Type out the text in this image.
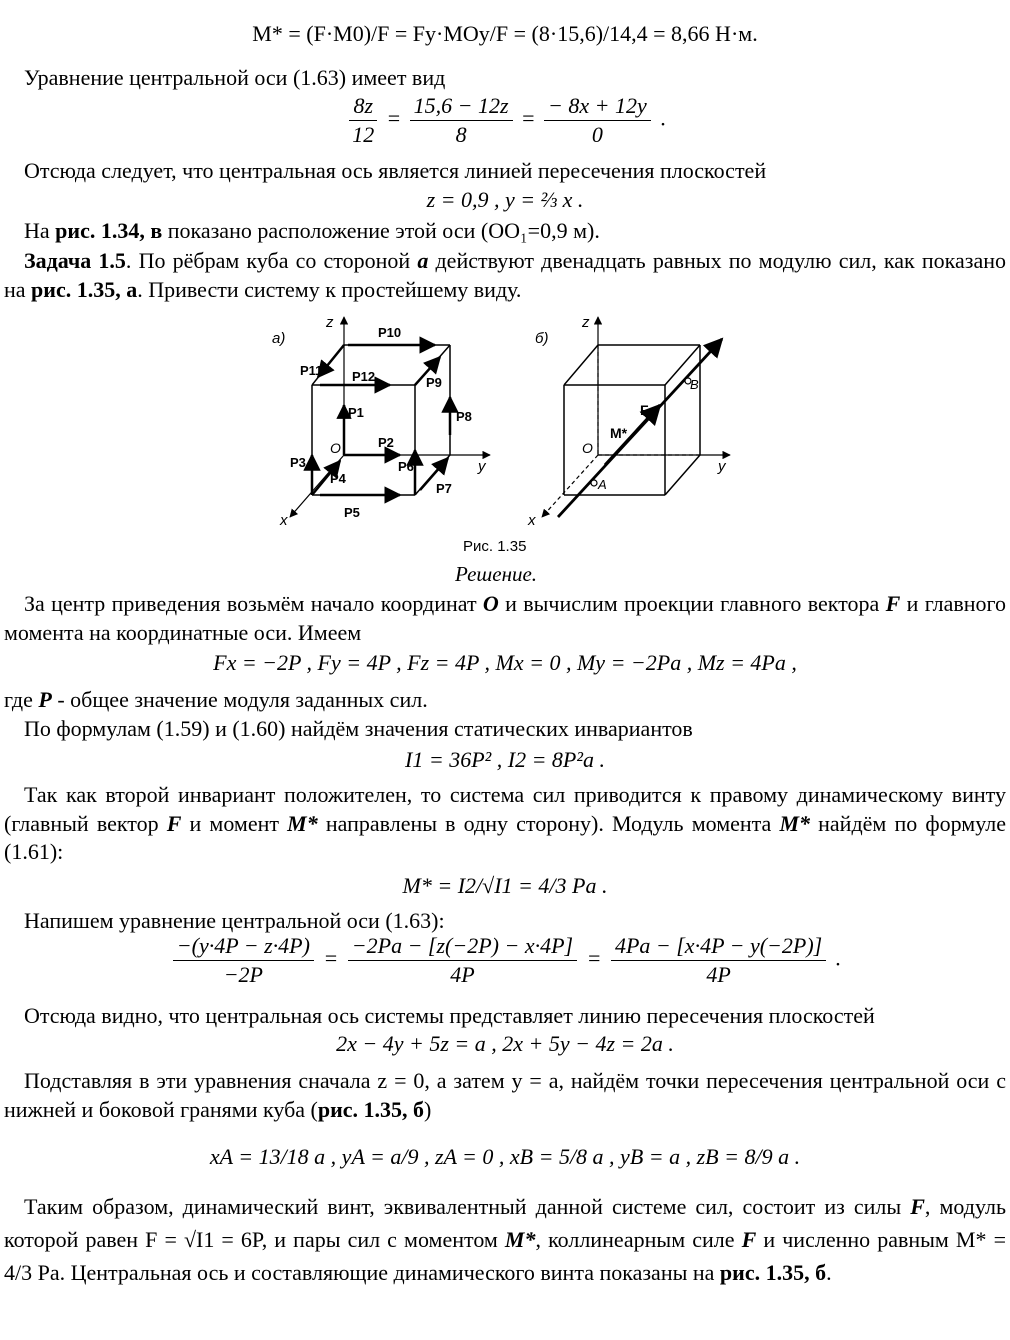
M* = (F·M0)/F = Fy·MOy/F = (8·15,6)/14,4 = 8,66 Н·м.
Уравнение центральной оси (1.63) имеет вид
$\frac{8z}{12} = \frac{15,6 - 12z}{8} = \frac{- 8x + 12y}{0}$ .
Отсюда следует, что центральная ось является линией пересечения плоскостей
z = 0,9 , y = ⅔ x .
На рис. 1.34, в показано расположение этой оси (OO₁=0,9 м).
Задача 1.5. По рёбрам куба со стороной a действуют двенадцать равных по модулю сил, как показано на рис. 1.35, а. Привести систему к простейшему виду.
а)
z
y
x
O
P1
P2
P3
P4
P5
P6
P7
P8
P9
P10
P11 P12
б)
z
y
x
O
F
M*
A
B
Рис. 1.35
Решение.
За центр приведения возьмём начало координат O и вычислим проекции главного вектора F и главного момента на координатные оси. Имеем
Fx = −2P , Fy = 4P , Fz = 4P , Mx = 0 , My = −2Pa , Mz = 4Pa ,
где P - общее значение модуля заданных сил.
По формулам (1.59) и (1.60) найдём значения статических инвариантов
I1 = 36P² , I2 = 8P²a .
Так как второй инвариант положителен, то система сил приводится к правому динамическому винту (главный вектор F и момент M* направлены в одну сторону). Модуль момента M* найдём по формуле (1.61):
M* = I2/√I1 = 4/3 Pa .
Напишем уравнение центральной оси (1.63):
$\frac{-(y\cdot 4P - z\cdot 4P)}{-2P} = \frac{-2Pa - [z(-2P) - x\cdot 4P]}{4P} = \frac{4Pa - [x\cdot 4P - y(-2P)]}{4P}$ .
Отсюда видно, что центральная ось системы представляет линию пересечения плоскостей
2x − 4y + 5z = a , 2x + 5y − 4z = 2a .
Подставляя в эти уравнения сначала z = 0, а затем y = a, найдём точки пересечения центральной оси с нижней и боковой гранями куба (рис. 1.35, б)
xA = 13/18 a , yA = a/9 , zA = 0 , xB = 5/8 a , yB = a , zB = 8/9 a .
Таким образом, динамический винт, эквивалентный данной системе сил, состоит из силы F, модуль которой равен F = √I1 = 6P, и пары сил с моментом M*, коллинеарным силе F и численно равным M* = 4/3 Pa. Центральная ось и составляющие динамического винта показаны на рис. 1.35, б.
